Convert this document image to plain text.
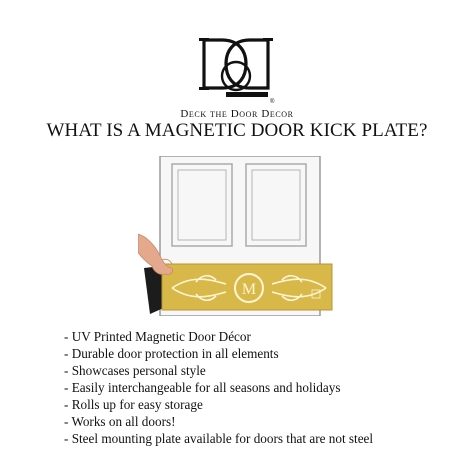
®
Deck the Door Decor
WHAT IS A MAGNETIC DOOR KICK PLATE?
M
- UV Printed Magnetic Door Décor
- Durable door protection in all elements
- Showcases personal style
- Easily interchangeable for all seasons and holidays
- Rolls up for easy storage
- Works on all doors!
- Steel mounting plate available for doors that are not steel
